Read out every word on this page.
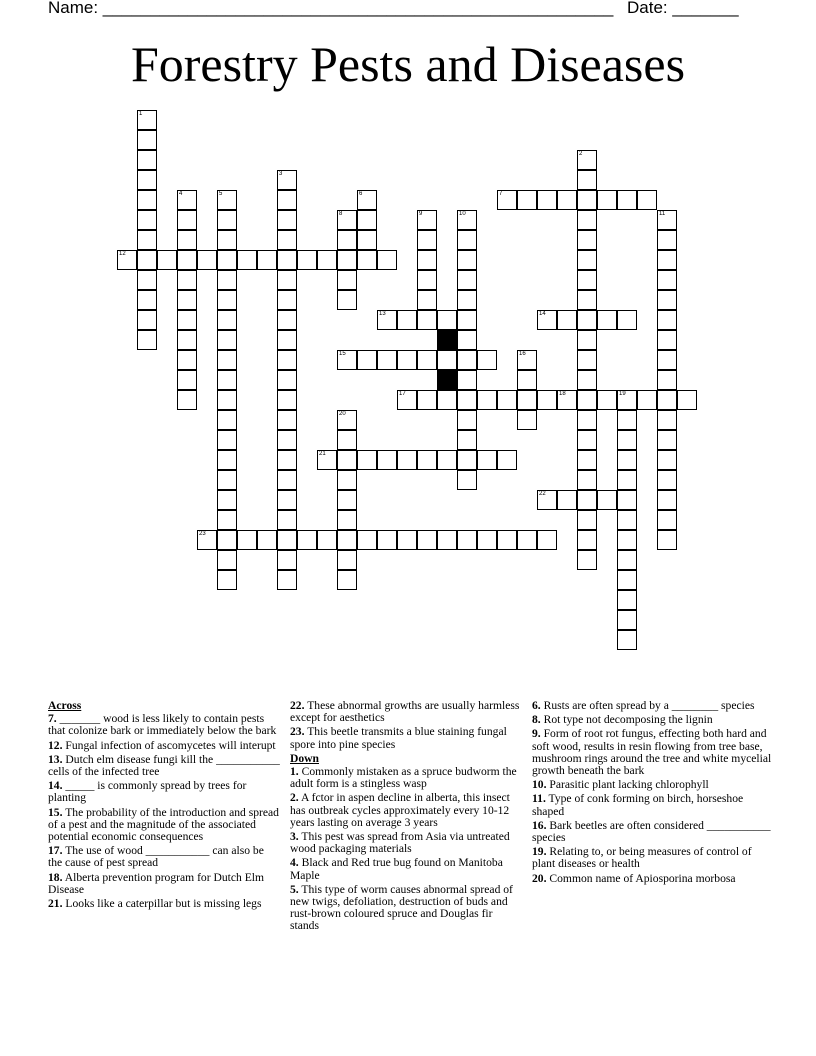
Name: ______________________________________________________ Date: _______
Forestry Pests and Diseases
1
2
3
4	5	6	7
8	9	10	11
12
13	14
15	16
17	18	19
20
21
22
23
Across
7. _______ wood is less likely to contain pests that colonize bark or immediately below the bark
12. Fungal infection of ascomycetes will interupt
13. Dutch elm disease fungi kill the ___________ cells of the infected tree
14. _____ is commonly spread by trees for planting
15. The probability of the introduction and spread of a pest and the magnitude of the associated potential economic consequences
17. The use of wood ___________ can also be the cause of pest spread
18. Alberta prevention program for Dutch Elm Disease
21. Looks like a caterpillar but is missing legs
22. These abnormal growths are usually harmless except for aesthetics
23. This beetle transmits a blue staining fungal spore into pine species
Down
1. Commonly mistaken as a spruce budworm the adult form is a stingless wasp
2. A fctor in aspen decline in alberta, this insect has outbreak cycles approximately every 10-12 years lasting on average 3 years
3. This pest was spread from Asia via untreated wood packaging materials
4. Black and Red true bug found on Manitoba Maple
5. This type of worm causes abnormal spread of new twigs, defoliation, destruction of buds and rust-brown coloured spruce and Douglas fir stands
6. Rusts are often spread by a ________ species
8. Rot type not decomposing the lignin
9. Form of root rot fungus, effecting both hard and soft wood, results in resin flowing from tree base, mushroom rings around the tree and white mycelial growth beneath the bark
10. Parasitic plant lacking chlorophyll
11. Type of conk forming on birch, horseshoe shaped
16. Bark beetles are often considered ___________ species
19. Relating to, or being measures of control of plant diseases or health
20. Common name of Apiosporina morbosa
